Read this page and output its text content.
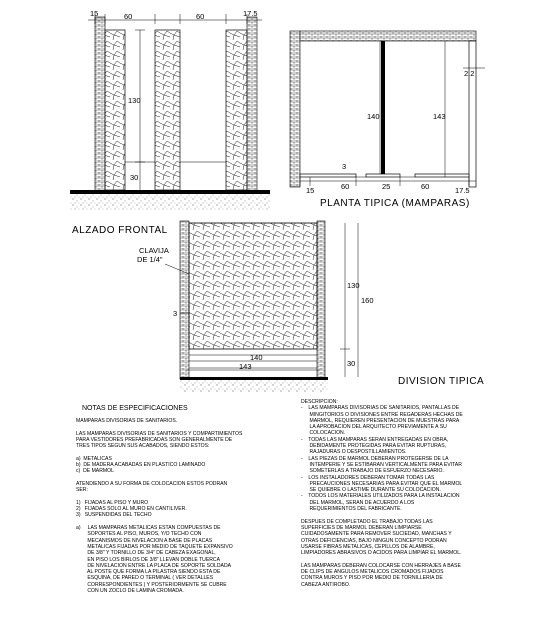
15	60	60	17.5
130
30
ALZADO FRONTAL
2.2
140	143
3
15	60	25	60	17.5
PLANTA TIPICA (MAMPARAS)
CLAVIJA
DE 1/4"
3
130
30
160
140
143
DIVISION TIPICA
NOTAS DE ESPECIFICACIONES
MAMPARAS DIVISORIAS DE SANITARIOS.

LAS MAMPARAS DIVISORIAS DE SANITARIOS Y COMPARTIMIENTOS
PARA VESTIDORES PREFABRICADAS SON GENERALMENTE DE
TRES TIPOS SEGUN SUS ACABADOS, SIENDO ESTOS:

a)  METALICAS
b)  DE MADERA ACABADAS EN PLASTICO LAMINADO
c)  DE MARMOL

ATENDIENDO A SU FORMA DE COLOCACION ESTOS PODRAN
SER:

1)   FIJADAS AL PISO Y MURO
2)   FIJADAS SOLO AL MURO EN CANTILIVER.
3)   SUSPENDIDAS DEL TECHO

a)     LAS MAMPARAS METALICAS ESTAN COMPUESTAS DE
SOPORTES AL PISO, MUROS, Y/O TECHO CON
MECANISMOS DE NIVELACION A BASE DE PLACAS
METALICAS FIJADAS POR MEDIO DE TAQUETE EXPANSIVO
DE 3/8" Y TORNILLO DE 3/4" DE CABEZA EXAGONAL,
EN PISO LOS BIRLOS DE 3/8" LLEVAN DOBLE TUERCA
DE NIVELACION ENTRE LA PLACA DE SOPORTE SOLDADA
AL POSTE QUE FORMA LA PILASTRA SIENDO ESTA DE
ESQUINA, DE PARED O TERMINAL ( VER DETALLES
CORRESPONDIENTES ) Y POSTERIORMENTE SE CUBRE
CON UN ZOCLO DE LAMINA CROMADA.
DESCRIPCION:
-    LAS MAMPARAS DIVISORIAS DE SANITARIOS, PANTALLAS DE
MINGITORIOS O DIVISIONES ENTRE REGADERAS HECHAS DE
MARMOL, REQUIEREN PRESENTACION DE MUESTRAS PARA
LA APROBACION DEL ARQUITECTO PREVIAMENTE A SU
COLOCACION.
-    TODAS LAS MAMPARAS SERAN ENTREGADAS EN OBRA,
DEBIDAMENTE PROTEGIDAS PARA EVITAR RUPTURAS,
RAJADURAS O DESPOSTILLAMIENTOS.
-    LAS PIEZAS DE MARMOL DEBERAN PROTEGERSE DE LA
INTEMPERIE Y SE ESTIBARAN VERTICALMENTE PARA EVITAR
SOMETERLAS A TRABAJO DE ESFUERZO NECESARIO.
-    LOS INSTALADORES DEBERAN TOMAR TODAS LAS
PRECAUCIONES NECESARIAS PARA EVITAR QUE EL MARMOL
SE QUIEBRE O LASTIME DURANTE SU COLOCACION.
-    TODOS LOS MATERIALES UTILIZADOS PARA LA INSTALACION
DEL MARMOL, SERAN DE ACUERDO A LOS
REQUERIMIENTOS DEL FABRICANTE.

DESPUES DE COMPLETADO EL TRABAJO TODAS LAS
SUPERFICIES DE MARMOL DEBERAN LIMPIARSE
CUIDADOSAMENTE PARA REMOVER SUCIEDAD, MANCHAS Y
OTRAS DEFICIENCIAS, BAJO NINGUN CONCEPTO PODRAN
USARSE FIBRAS METALICAS, CEPILLOS DE ALAMBRE,
LIMPIADORES ABRASIVOS O ACIDOS PARA LIMPIAR EL MARMOL.

LAS MAMPARAS DEBERAN COLOCARSE CON HERRAJES A BASE
DE CLIPS DE ANGULOS METALICOS CROMADOS FIJADOS
CONTRA MUROS Y PISO POR MEDIO DE TORNILLERIA DE
CABEZA ANTIROBO.
